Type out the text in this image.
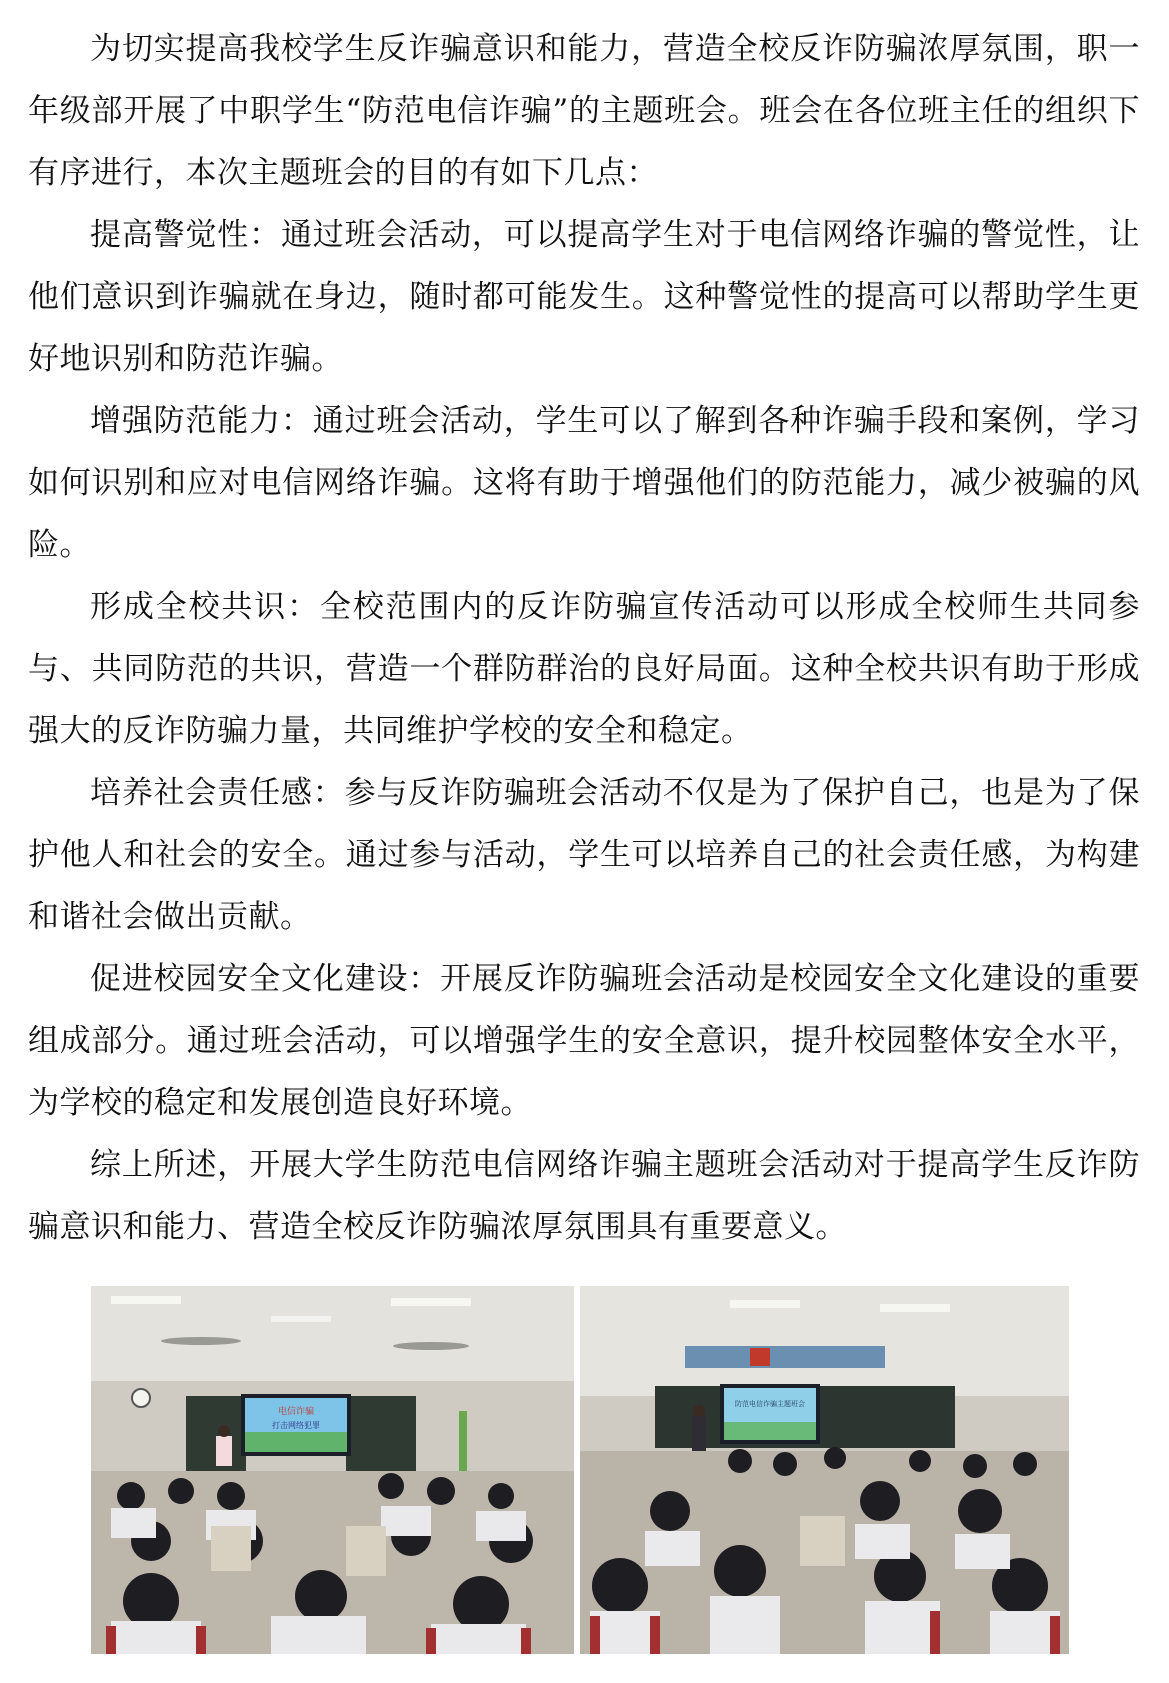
为切实提高我校学生反诈骗意识和能力，营造全校反诈防骗浓厚氛围，职一年级部开展了中职学生“防范电信诈骗”的主题班会。班会在各位班主任的组织下有序进行，本次主题班会的目的有如下几点：

提高警觉性：通过班会活动，可以提高学生对于电信网络诈骗的警觉性，让他们意识到诈骗就在身边，随时都可能发生。这种警觉性的提高可以帮助学生更好地识别和防范诈骗。

增强防范能力：通过班会活动，学生可以了解到各种诈骗手段和案例，学习如何识别和应对电信网络诈骗。这将有助于增强他们的防范能力，减少被骗的风险。

形成全校共识：全校范围内的反诈防骗宣传活动可以形成全校师生共同参与、共同防范的共识，营造一个群防群治的良好局面。这种全校共识有助于形成强大的反诈防骗力量，共同维护学校的安全和稳定。

培养社会责任感：参与反诈防骗班会活动不仅是为了保护自己，也是为了保护他人和社会的安全。通过参与活动，学生可以培养自己的社会责任感，为构建和谐社会做出贡献。

促进校园安全文化建设：开展反诈防骗班会活动是校园安全文化建设的重要组成部分。通过班会活动，可以增强学生的安全意识，提升校园整体安全水平，为学校的稳定和发展创造良好环境。

综上所述，开展大学生防范电信网络诈骗主题班会活动对于提高学生反诈防骗意识和能力、营造全校反诈防骗浓厚氛围具有重要意义。

电信诈骗
打击网络犯罪
防范电信诈骗主题班会
